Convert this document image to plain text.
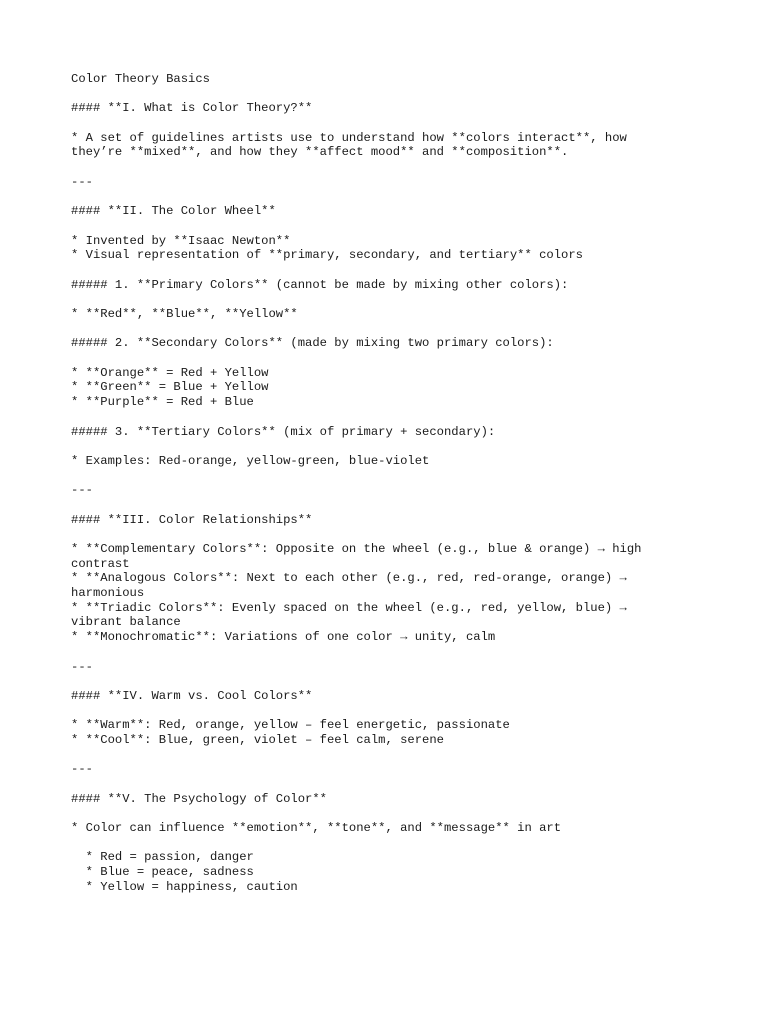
Color Theory Basics
#### **I. What is Color Theory?**
* A set of guidelines artists use to understand how **colors interact**, how
they’re **mixed**, and how they **affect mood** and **composition**.
---
#### **II. The Color Wheel**
* Invented by **Isaac Newton**
* Visual representation of **primary, secondary, and tertiary** colors
##### 1. **Primary Colors** (cannot be made by mixing other colors):
* **Red**, **Blue**, **Yellow**
##### 2. **Secondary Colors** (made by mixing two primary colors):
* **Orange** = Red + Yellow
* **Green** = Blue + Yellow
* **Purple** = Red + Blue
##### 3. **Tertiary Colors** (mix of primary + secondary):
* Examples: Red-orange, yellow-green, blue-violet
---
#### **III. Color Relationships**
* **Complementary Colors**: Opposite on the wheel (e.g., blue & orange) → high
contrast
* **Analogous Colors**: Next to each other (e.g., red, red-orange, orange) →
harmonious
* **Triadic Colors**: Evenly spaced on the wheel (e.g., red, yellow, blue) →
vibrant balance
* **Monochromatic**: Variations of one color → unity, calm
---
#### **IV. Warm vs. Cool Colors**
* **Warm**: Red, orange, yellow – feel energetic, passionate
* **Cool**: Blue, green, violet – feel calm, serene
---
#### **V. The Psychology of Color**
* Color can influence **emotion**, **tone**, and **message** in art
* Red = passion, danger
* Blue = peace, sadness
* Yellow = happiness, caution
